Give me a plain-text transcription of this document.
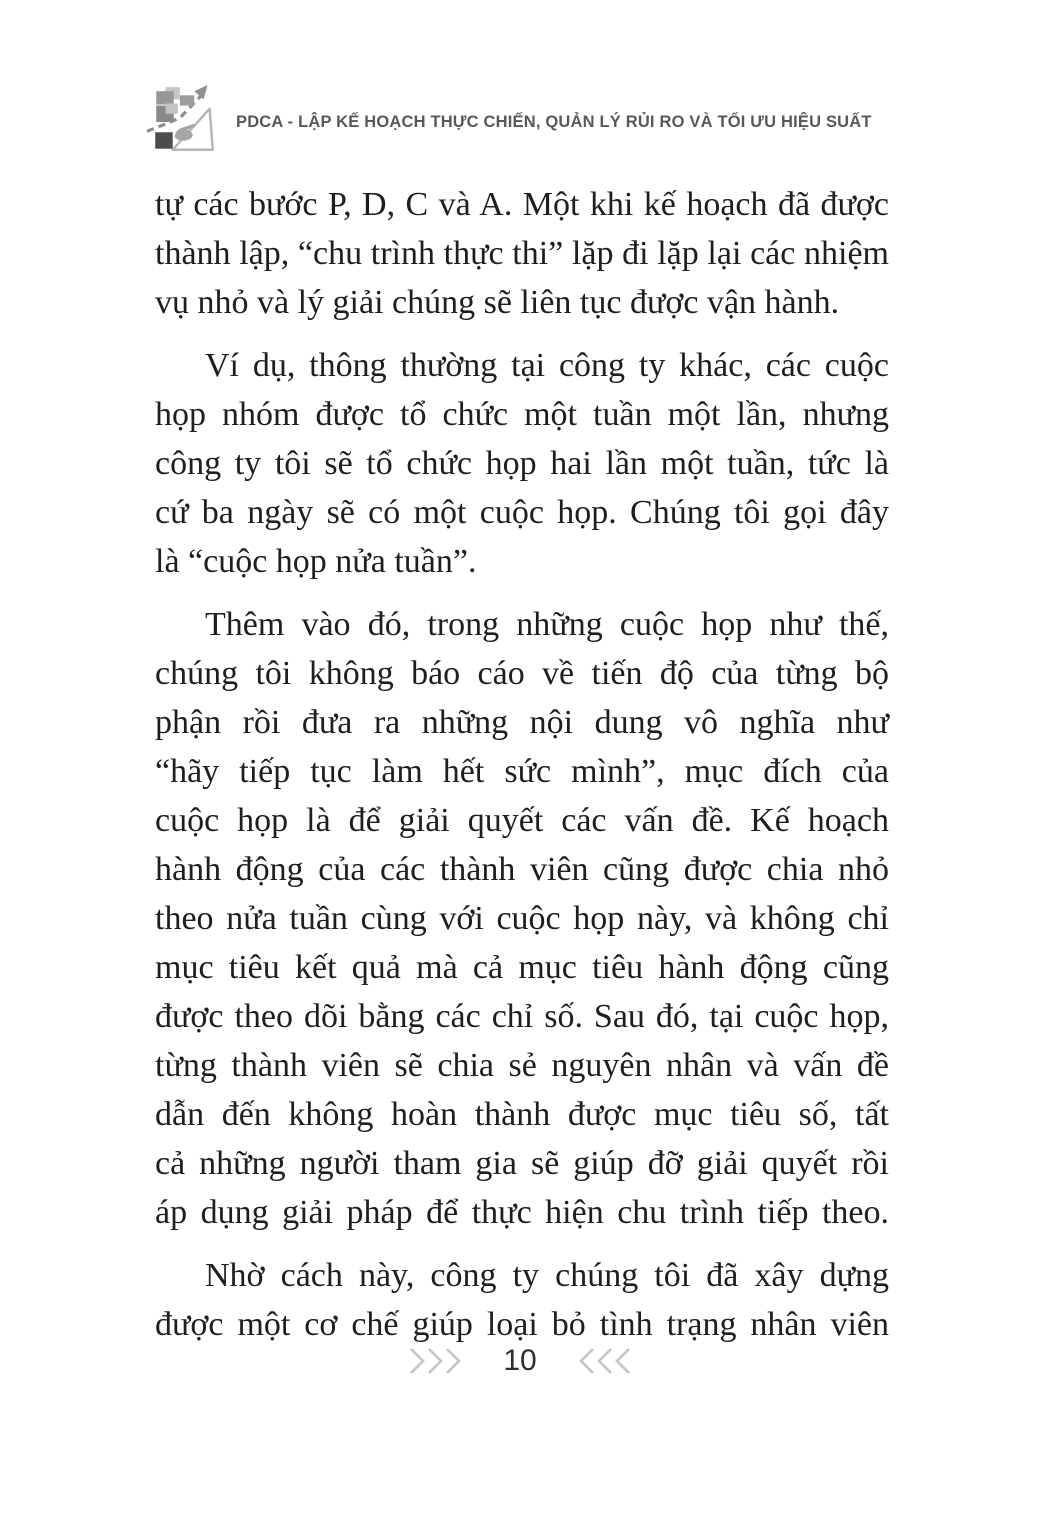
PDCA - LẬP KẾ HOẠCH THỰC CHIẾN, QUẢN LÝ RỦI RO VÀ TỐI ƯU HIỆU SUẤT
tự các bước P, D, C và A. Một khi kế hoạch đã được
thành lập, “chu trình thực thi” lặp đi lặp lại các nhiệm
vụ nhỏ và lý giải chúng sẽ liên tục được vận hành.
Ví dụ, thông thường tại công ty khác, các cuộc
họp nhóm được tổ chức một tuần một lần, nhưng
công ty tôi sẽ tổ chức họp hai lần một tuần, tức là
cứ ba ngày sẽ có một cuộc họp. Chúng tôi gọi đây
là “cuộc họp nửa tuần”.
Thêm vào đó, trong những cuộc họp như thế,
chúng tôi không báo cáo về tiến độ của từng bộ
phận rồi đưa ra những nội dung vô nghĩa như
“hãy tiếp tục làm hết sức mình”, mục đích của
cuộc họp là để giải quyết các vấn đề. Kế hoạch
hành động của các thành viên cũng được chia nhỏ
theo nửa tuần cùng với cuộc họp này, và không chỉ
mục tiêu kết quả mà cả mục tiêu hành động cũng
được theo dõi bằng các chỉ số. Sau đó, tại cuộc họp,
từng thành viên sẽ chia sẻ nguyên nhân và vấn đề
dẫn đến không hoàn thành được mục tiêu số, tất
cả những người tham gia sẽ giúp đỡ giải quyết rồi
áp dụng giải pháp để thực hiện chu trình tiếp theo.
Nhờ cách này, công ty chúng tôi đã xây dựng
được một cơ chế giúp loại bỏ tình trạng nhân viên
10
